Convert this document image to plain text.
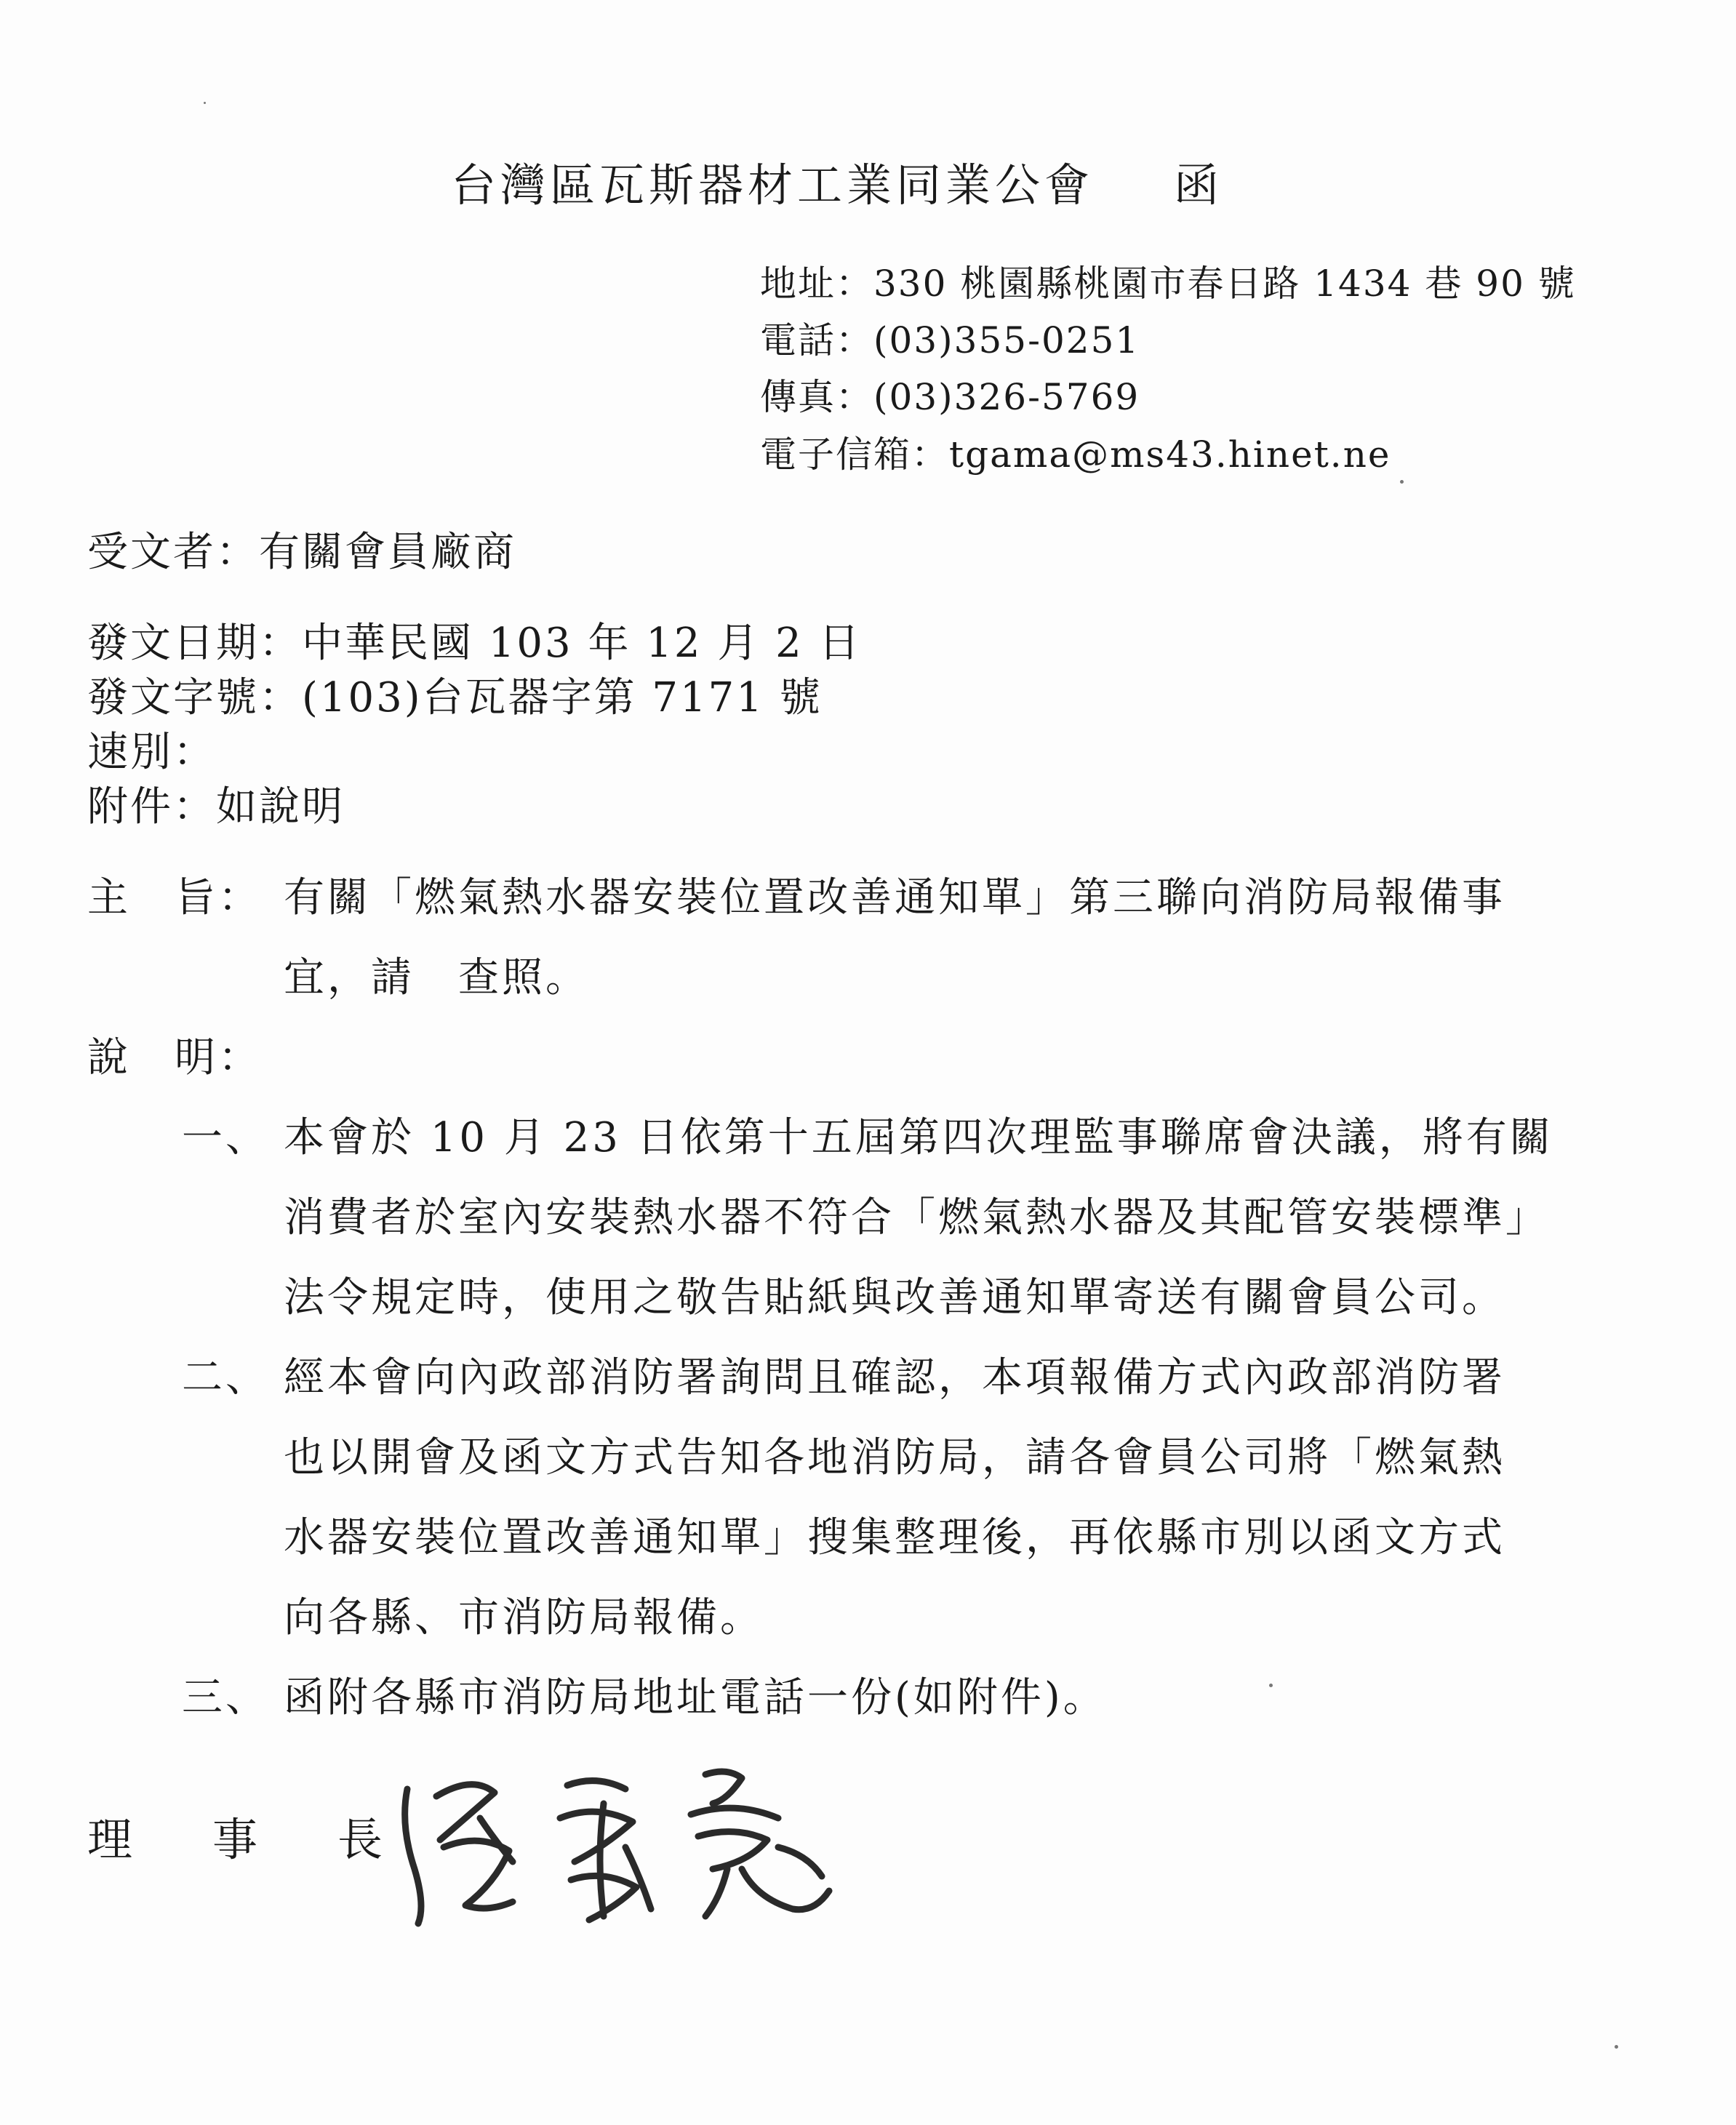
台灣區瓦斯器材工業同業公會 函
地址：330 桃園縣桃園市春日路 1434 巷 90 號
電話：(03)355-0251
傳真：(03)326-5769
電子信箱：tgama@ms43.hinet.ne
受文者：有關會員廠商
發文日期：中華民國 103 年 12 月 2 日
發文字號：(103)台瓦器字第 7171 號
速別：
附件：如說明
主　旨： 有關「燃氣熱水器安裝位置改善通知單」第三聯向消防局報備事
宜，請　查照。
說　明：
一、 本會於 10 月 23 日依第十五屆第四次理監事聯席會決議，將有關
消費者於室內安裝熱水器不符合「燃氣熱水器及其配管安裝標準」
法令規定時，使用之敬告貼紙與改善通知單寄送有關會員公司。
二、 經本會向內政部消防署詢問且確認，本項報備方式內政部消防署
也以開會及函文方式告知各地消防局，請各會員公司將「燃氣熱
水器安裝位置改善通知單」搜集整理後，再依縣市別以函文方式
向各縣、市消防局報備。
三、 函附各縣市消防局地址電話一份(如附件)。
理 事 長
